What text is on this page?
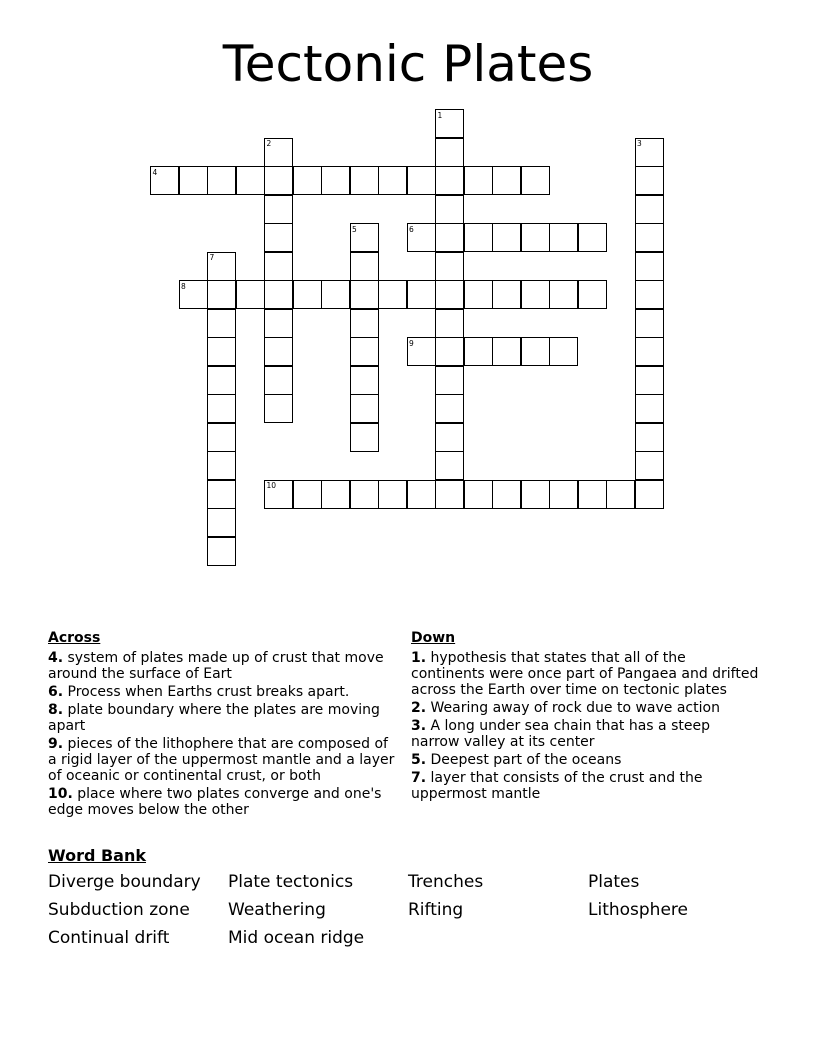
Tectonic Plates
1
2	3
4
5	6
7
8
9
10
Across
4. system of plates made up of crust that move around the surface of Eart
6. Process when Earths crust breaks apart.
8. plate boundary where the plates are moving apart
9. pieces of the lithophere that are composed of a rigid layer of the uppermost mantle and a layer of oceanic or continental crust, or both
10. place where two plates converge and one's edge moves below the other
Down
1. hypothesis that states that all of the continents were once part of Pangaea and drifted across the Earth over time on tectonic plates
2. Wearing away of rock due to wave action
3. A long under sea chain that has a steep narrow valley at its center
5. Deepest part of the oceans
7. layer that consists of the crust and the uppermost mantle
Word Bank
Diverge boundary	Plate tectonics	Trenches	Plates
Subduction zone	Weathering	Rifting	Lithosphere
Continual drift	Mid ocean ridge
